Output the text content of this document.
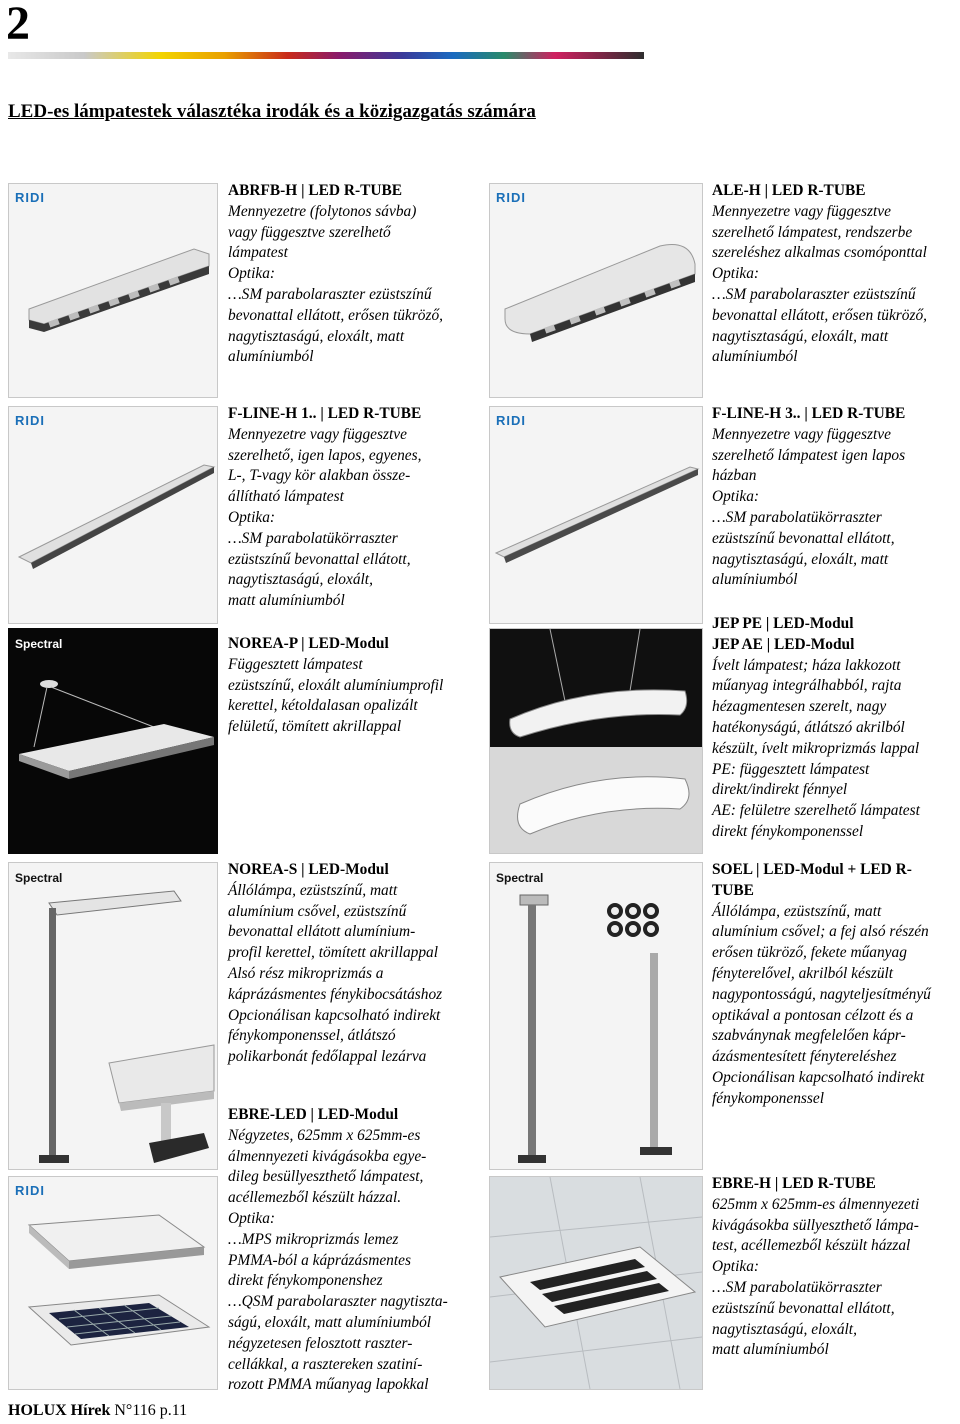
2
LED-es lámpatestek választéka irodák és a közigazgatás számára
RIDI	RIDI
ABRFB-H | LED R-TUBE
Mennyezetre (folytonos sávba)
vagy függesztve szerelhető
lámpatest
Optika:
…SM parabolaraszter ezüstszínű
bevonattal ellátott, erősen tükröző,
nagytisztaságú, eloxált, matt
alumíniumból
ALE-H | LED R-TUBE
Mennyezetre vagy függesztve
szerelhető lámpatest, rendszerbe
szereléshez alkalmas csomóponttal
Optika:
…SM parabolaraszter ezüstszínű
bevonattal ellátott, erősen tükröző,
nagytisztaságú, eloxált, matt
alumíniumból
RIDI	RIDI
F-LINE-H 1.. | LED R-TUBE
Mennyezetre vagy függesztve
szerelhető, igen lapos, egyenes,
L-, T-vagy kör alakban össze-
állítható lámpatest
Optika:
…SM parabolatükörraszter
ezüstszínű bevonattal ellátott,
nagytisztaságú, eloxált,
matt alumíniumból
F-LINE-H 3.. | LED R-TUBE
Mennyezetre vagy függesztve
szerelhető lámpatest igen lapos
házban
Optika:
…SM parabolatükörraszter
ezüstszínű bevonattal ellátott,
nagytisztaságú, eloxált, matt
alumíniumból
Spectral	NOREA-P | LED-Modul
Függesztett lámpatest
ezüstszínű, eloxált alumíniumprofil
kerettel, kétoldalasan opalizált
felületű, tömített akrillappal
JEP PE | LED-Modul
JEP AE | LED-Modul
Ívelt lámpatest; háza lakkozott
műanyag integrálhabból, rajta
hézagmentesen szerelt, nagy
hatékonyságú, átlátszó akrilból
készült, ívelt mikroprizmás lappal
PE: függesztett lámpatest
direkt/indirekt fénnyel
AE: felületre szerelhető lámpatest
direkt fénykomponenssel
Spectral	Spectral
NOREA-S | LED-Modul
Állólámpa, ezüstszínű, matt
alumínium csővel, ezüstszínű
bevonattal ellátott alumínium-
profil kerettel, tömített akrillappal
Alsó rész mikroprizmás a
káprázásmentes fénykibocsátáshoz
Opcionálisan kapcsolható indirekt
fénykomponenssel, átlátszó
polikarbonát fedőlappal lezárva
SOEL | LED-Modul + LED R-
TUBE
Állólámpa, ezüstszínű, matt
alumínium csővel; a fej alsó részén
erősen tükröző, fekete műanyag
fényterelővel, akrilból készült
nagypontosságú, nagyteljesítményű
optikával a pontosan célzott és a
szabványnak megfelelően kápr-
ázásmentesített fénytereléshez
Opcionálisan kapcsolható indirekt
fénykomponenssel
RIDI
EBRE-LED | LED-Modul
Négyzetes, 625mm x 625mm-es
álmennyezeti kivágásokba egye-
dileg besüllyeszthető lámpatest,
acéllemezből készült házzal.
Optika:
…MPS mikroprizmás lemez
PMMA-ból a káprázásmentes
direkt fénykomponenshez
…QSM parabolaraszter nagytiszta-
ságú, eloxált, matt alumíniumból
négyzetesen felosztott raszter-
cellákkal, a rasztereken szatiní-
rozott PMMA műanyag lapokkal
EBRE-H | LED R-TUBE
625mm x 625mm-es álmennyezeti
kivágásokba süllyeszthető lámpa-
test, acéllemezből készült házzal
Optika:
…SM parabolatükörraszter
ezüstszínű bevonattal ellátott,
nagytisztaságú, eloxált,
matt alumíniumból
HOLUX Hírek N°116 p.11
